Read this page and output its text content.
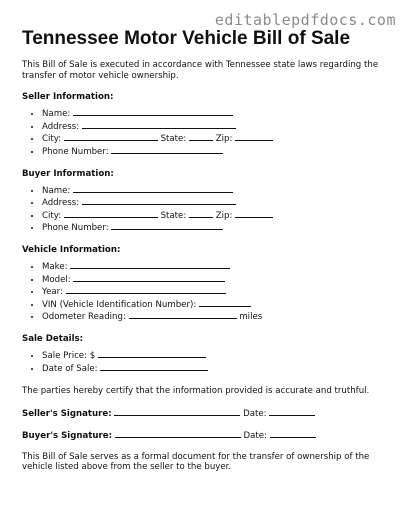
editablepdfdocs.com
Tennessee Motor Vehicle Bill of Sale

This Bill of Sale is executed in accordance with Tennessee state laws regarding the transfer of motor vehicle ownership.

Seller Information:
• Name:
• Address:
• City:	State:	Zip:
• Phone Number:
Buyer Information:
• Name:
• Address:
• City:	State:	Zip:
• Phone Number:
Vehicle Information:
• Make:
• Model:
• Year:
• VIN (Vehicle Identification Number):
• Odometer Reading:	miles
Sale Details:
• Sale Price: $
• Date of Sale:

The parties hereby certify that the information provided is accurate and truthful.

Seller's Signature:	Date:
Buyer's Signature:	Date:

This Bill of Sale serves as a formal document for the transfer of ownership of the vehicle listed above from the seller to the buyer.
